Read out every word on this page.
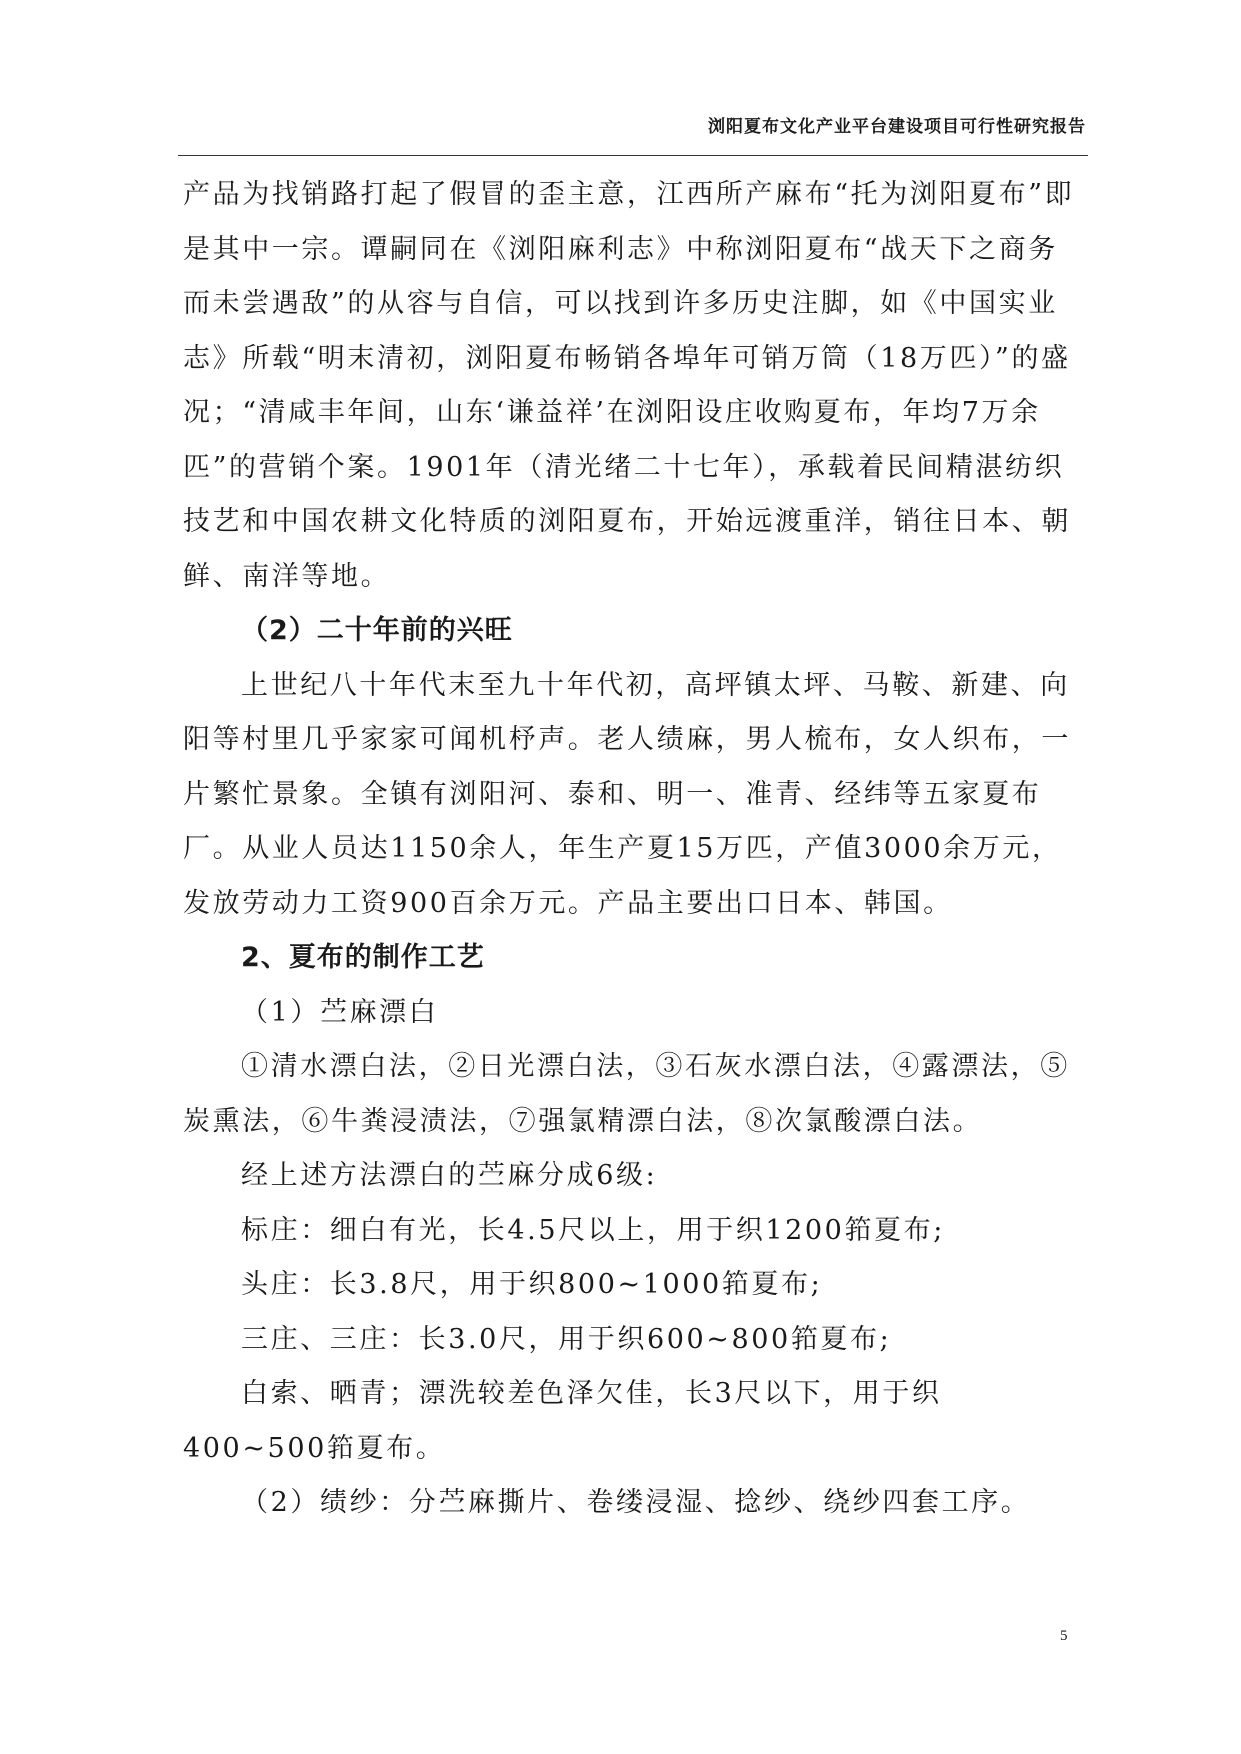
浏阳夏布文化产业平台建设项目可行性研究报告

产品为找销路打起了假冒的歪主意，江西所产麻布“托为浏阳夏布”即是其中一宗。谭嗣同在《浏阳麻利志》中称浏阳夏布“战天下之商务而未尝遇敌”的从容与自信，可以找到许多历史注脚，如《中国实业志》所载“明末清初，浏阳夏布畅销各埠年可销万筒（18万匹）”的盛况；“清咸丰年间，山东‘谦益祥’在浏阳设庄收购夏布，年均7万余匹”的营销个案。1901年（清光绪二十七年），承载着民间精湛纺织技艺和中国农耕文化特质的浏阳夏布，开始远渡重洋，销往日本、朝鲜、南洋等地。

（2）二十年前的兴旺

上世纪八十年代末至九十年代初，高坪镇太坪、马鞍、新建、向阳等村里几乎家家可闻机杼声。老人绩麻，男人梳布，女人织布，一片繁忙景象。全镇有浏阳河、泰和、明一、准青、经纬等五家夏布厂。从业人员达1150余人，年生产夏15万匹，产值3000余万元，发放劳动力工资900百余万元。产品主要出口日本、韩国。

2、夏布的制作工艺

（1）苎麻漂白

①清水漂白法，②日光漂白法，③石灰水漂白法，④露漂法，⑤炭熏法，⑥牛粪浸渍法，⑦强氯精漂白法，⑧次氯酸漂白法。

经上述方法漂白的苎麻分成6级:

标庄：细白有光，长4.5尺以上，用于织1200筘夏布;

头庄：长3.8尺，用于织800~1000筘夏布;

三庄、三庄：长3.0尺，用于织600~800筘夏布;

白索、晒青；漂洗较差色泽欠佳，长3尺以下，用于织400~500筘夏布。

（2）绩纱：分苎麻撕片、卷缕浸湿、捻纱、绕纱四套工序。

5
